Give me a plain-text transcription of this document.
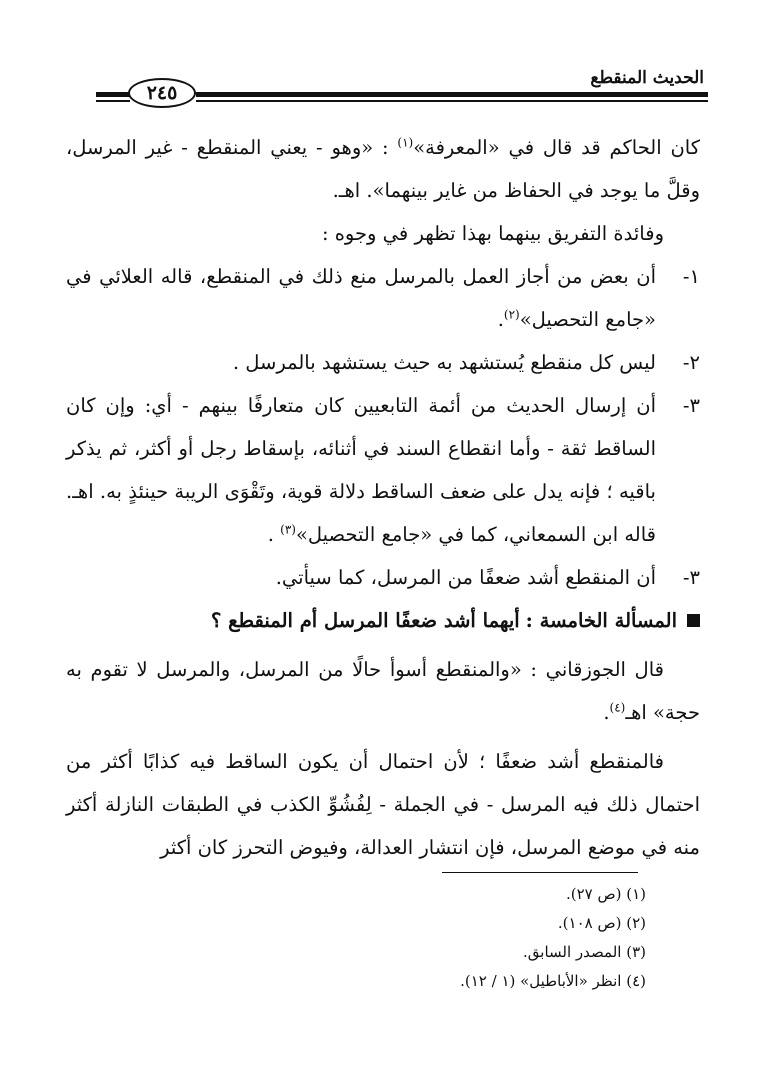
الحديث المنقطع
٢٤٥

كان الحاكم قد قال في «المعرفة»$^{(١)}$ : «وهو - يعني المنقطع - غير المرسل، وقلَّ ما يوجد في الحفاظ من غاير بينهما». اهـ.

وفائدة التفريق بينهما بهذا تظهر في وجوه :

١-
أن بعض من أجاز العمل بالمرسل منع ذلك في المنقطع، قاله العلائي في «جامع التحصيل»$^{(٢)}$.
٢-
ليس كل منقطع يُستشهد به حيث يستشهد بالمرسل .
٣-
أن إرسال الحديث من أئمة التابعيين كان متعارفًا بينهم - أي: وإن كان الساقط ثقة - وأما انقطاع السند في أثنائه، بإسقاط رجل أو أكثر، ثم يذكر باقيه ؛ فإنه يدل على ضعف الساقط دلالة قوية، وتَقْوَى الريبة حينئذٍ به. اهـ. قاله ابن السمعاني، كما في «جامع التحصيل»$^{(٣)}$ .
٣-
أن المنقطع أشد ضعفًا من المرسل، كما سيأتي.
المسألة الخامسة :
أيهما أشد ضعفًا المرسل أم المنقطع ؟

قال الجوزقاني : «والمنقطع أسوأ حالًا من المرسل، والمرسل لا تقوم به حجة» اهـ$^{(٤)}$.

فالمنقطع أشد ضعفًا ؛ لأن احتمال أن يكون الساقط فيه كذابًا أكثر من احتمال ذلك فيه المرسل - في الجملة - لِفُشُوِّ الكذب في الطبقات النازلة أكثر منه في موضع المرسل، فإن انتشار العدالة، وفيوض التحرز كان أكثر

(١) (ص ٢٧).
(٢) (ص ١٠٨).
(٣) المصدر السابق.
(٤) انظر «الأباطيل» (١ / ١٢).
